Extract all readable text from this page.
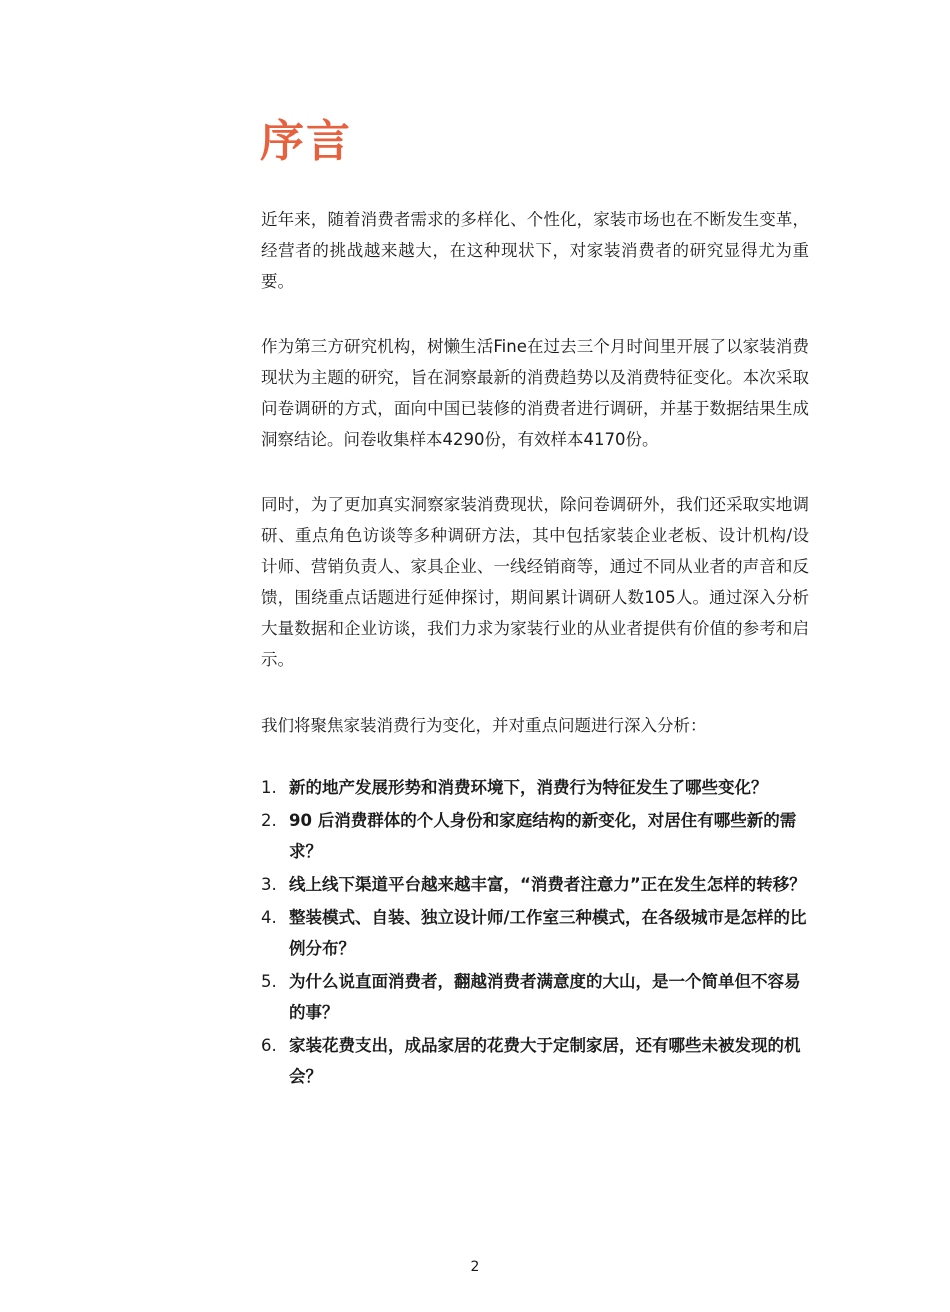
序言

近年来，随着消费者需求的多样化、个性化，家装市场也在不断发生变革，经营者的挑战越来越大，在这种现状下，对家装消费者的研究显得尤为重要。

作为第三方研究机构，树懒生活Fine在过去三个月时间里开展了以家装消费现状为主题的研究，旨在洞察最新的消费趋势以及消费特征变化。本次采取问卷调研的方式，面向中国已装修的消费者进行调研，并基于数据结果生成洞察结论。问卷收集样本4290份，有效样本4170份。

同时，为了更加真实洞察家装消费现状，除问卷调研外，我们还采取实地调研、重点角色访谈等多种调研方法，其中包括家装企业老板、设计机构/设计师、营销负责人、家具企业、一线经销商等，通过不同从业者的声音和反馈，围绕重点话题进行延伸探讨，期间累计调研人数105人。通过深入分析大量数据和企业访谈，我们力求为家装行业的从业者提供有价值的参考和启示。

我们将聚焦家装消费行为变化，并对重点问题进行深入分析：

1. 新的地产发展形势和消费环境下，消费行为特征发生了哪些变化？
2. 90 后消费群体的个人身份和家庭结构的新变化，对居住有哪些新的需求？
3. 线上线下渠道平台越来越丰富，“消费者注意力”正在发生怎样的转移？
4. 整装模式、自装、独立设计师/工作室三种模式，在各级城市是怎样的比例分布？
5. 为什么说直面消费者，翻越消费者满意度的大山，是一个简单但不容易的事？
6. 家装花费支出，成品家居的花费大于定制家居，还有哪些未被发现的机会？
2
